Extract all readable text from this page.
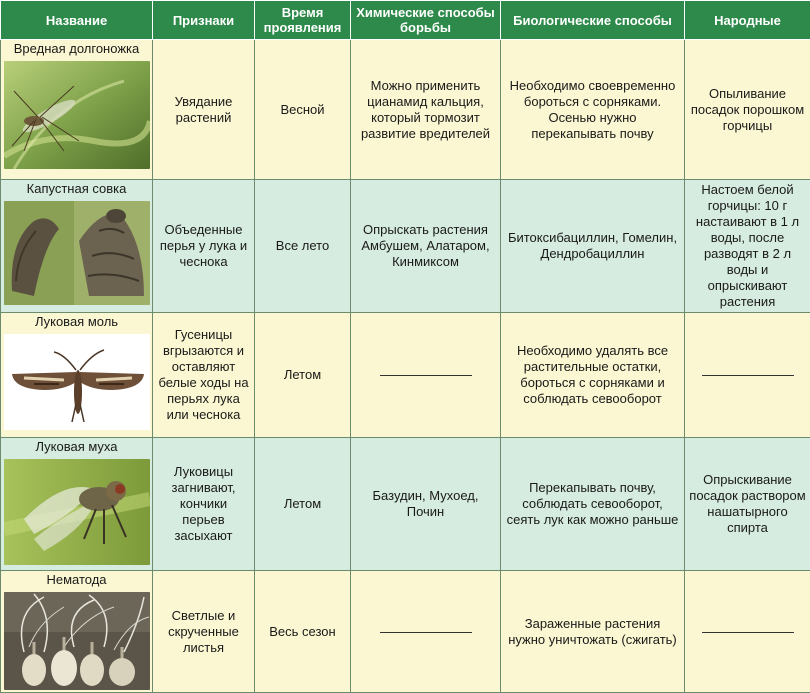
Название	Признаки	Время проявления	Химические способы борьбы	Биологические способы	Народные

Вредная долгоножка	Увядание растений	Весной	Можно применить цианамид кальция, который тормозит развитие вредителей	Необходимо своевременно бороться с сорняками. Осенью нужно перекапывать почву	Опыливание посадок порошком горчицы

Капустная совка	Объеденные перья у лука и чеснока	Все лето	Опрыскать растения Амбушем, Алатаром, Кинмиксом	Битоксибациллин, Гомелин, Дендробациллин	Настоем белой горчицы: 10 г настаивают в 1 л воды, после разводят в 2 л воды и опрыскивают растения

Луковая моль	Гусеницы вгрызаются и оставляют белые ходы на перьях лука или чеснока	Летом		Необходимо удалять все растительные остатки, бороться с сорняками и соблюдать севооборот	

Луковая муха	Луковицы загнивают, кончики перьев засыхают	Летом	Базудин, Мухоед, Почин	Перекапывать почву, соблюдать севооборот, сеять лук как можно раньше	Опрыскивание посадок раствором нашатырного спирта

Нематода	Светлые и скрученные листья	Весь сезон		Зараженные растения нужно уничтожать (сжигать)	
